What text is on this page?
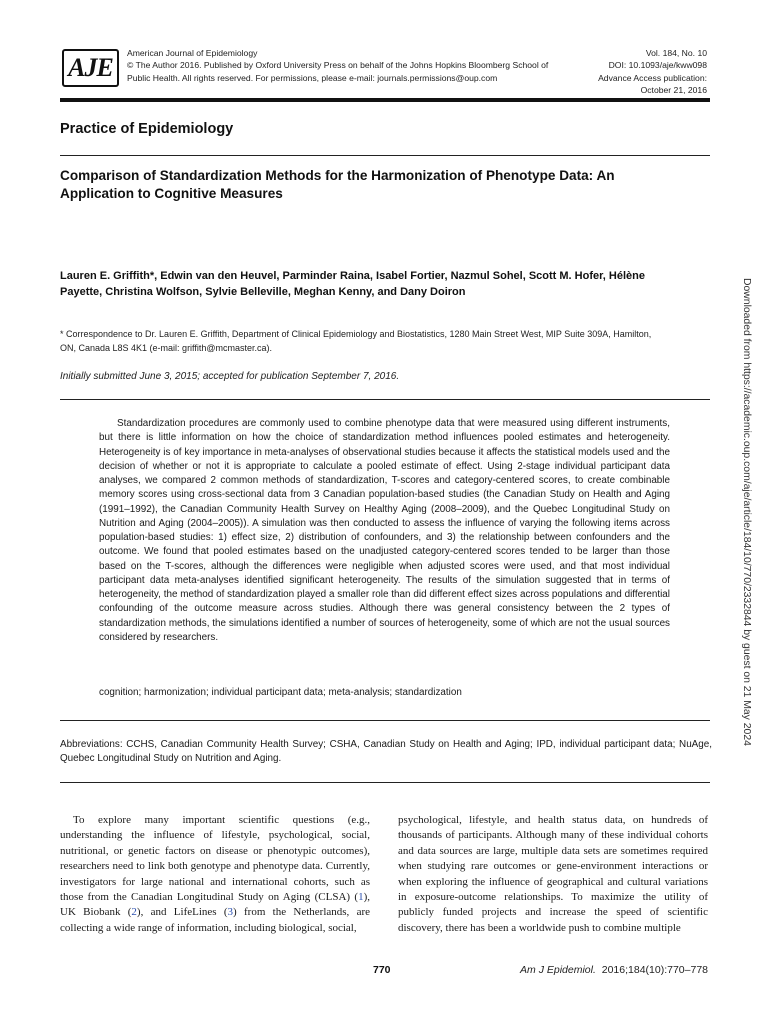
AJE	American Journal of Epidemiology
© The Author 2016. Published by Oxford University Press on behalf of the Johns Hopkins Bloomberg School of
Public Health. All rights reserved. For permissions, please e-mail: journals.permissions@oup.com
Vol. 184, No. 10
DOI: 10.1093/aje/kww098
Advance Access publication:
October 21, 2016
Practice of Epidemiology
Comparison of Standardization Methods for the Harmonization of Phenotype Data: An Application to Cognitive Measures
Lauren E. Griffith*, Edwin van den Heuvel, Parminder Raina, Isabel Fortier, Nazmul Sohel, Scott M. Hofer, Hélène Payette, Christina Wolfson, Sylvie Belleville, Meghan Kenny, and Dany Doiron
* Correspondence to Dr. Lauren E. Griffith, Department of Clinical Epidemiology and Biostatistics, 1280 Main Street West, MIP Suite 309A, Hamilton, ON, Canada L8S 4K1 (e-mail: griffith@mcmaster.ca).
Initially submitted June 3, 2015; accepted for publication September 7, 2016.

Standardization procedures are commonly used to combine phenotype data that were measured using different instruments, but there is little information on how the choice of standardization method influences pooled estimates and heterogeneity. Heterogeneity is of key importance in meta-analyses of observational studies because it affects the statistical models used and the decision of whether or not it is appropriate to calculate a pooled estimate of effect. Using 2-stage individual participant data analyses, we compared 2 common methods of standardization, T-scores and category-centered scores, to create combinable memory scores using cross-sectional data from 3 Canadian population-based studies (the Canadian Study on Health and Aging (1991–1992), the Canadian Community Health Survey on Healthy Aging (2008–2009), and the Quebec Longitudinal Study on Nutrition and Aging (2004–2005)). A simulation was then conducted to assess the influence of varying the following items across population-based studies: 1) effect size, 2) distribution of confounders, and 3) the relationship between confounders and the outcome. We found that pooled estimates based on the unadjusted category-centered scores tended to be larger than those based on the T-scores, although the differences were negligible when adjusted scores were used, and that most individual participant data meta-analyses identified significant heterogeneity. The results of the simulation suggested that in terms of heterogeneity, the method of standardization played a smaller role than did different effect sizes across populations and differential confounding of the outcome measure across studies. Although there was general consistency between the 2 types of standardization methods, the simulations identified a number of sources of heterogeneity, some of which are not the usual sources considered by researchers.

cognition; harmonization; individual participant data; meta-analysis; standardization
Abbreviations: CCHS, Canadian Community Health Survey; CSHA, Canadian Study on Health and Aging; IPD, individual participant data; NuAge, Quebec Longitudinal Study on Nutrition and Aging.

To explore many important scientific questions (e.g., understanding the influence of lifestyle, psychological, social, nutritional, or genetic factors on disease or phenotypic outcomes), researchers need to link both genotype and phenotype data. Currently, investigators for large national and international cohorts, such as those from the Canadian Longitudinal Study on Aging (CLSA) (1), UK Biobank (2), and LifeLines (3) from the Netherlands, are collecting a wide range of information, including biological, social,

psychological, lifestyle, and health status data, on hundreds of thousands of participants. Although many of these individual cohorts and data sources are large, multiple data sets are sometimes required when studying rare outcomes or gene-environment interactions or when exploring the influence of geographical and cultural variations in exposure-outcome relationships. To maximize the utility of publicly funded projects and increase the speed of scientific discovery, there has been a worldwide push to combine multiple

770	Am J Epidemiol. 2016;184(10):770–778
Downloaded from https://academic.oup.com/aje/article/184/10/770/2332844 by guest on 21 May 2024
